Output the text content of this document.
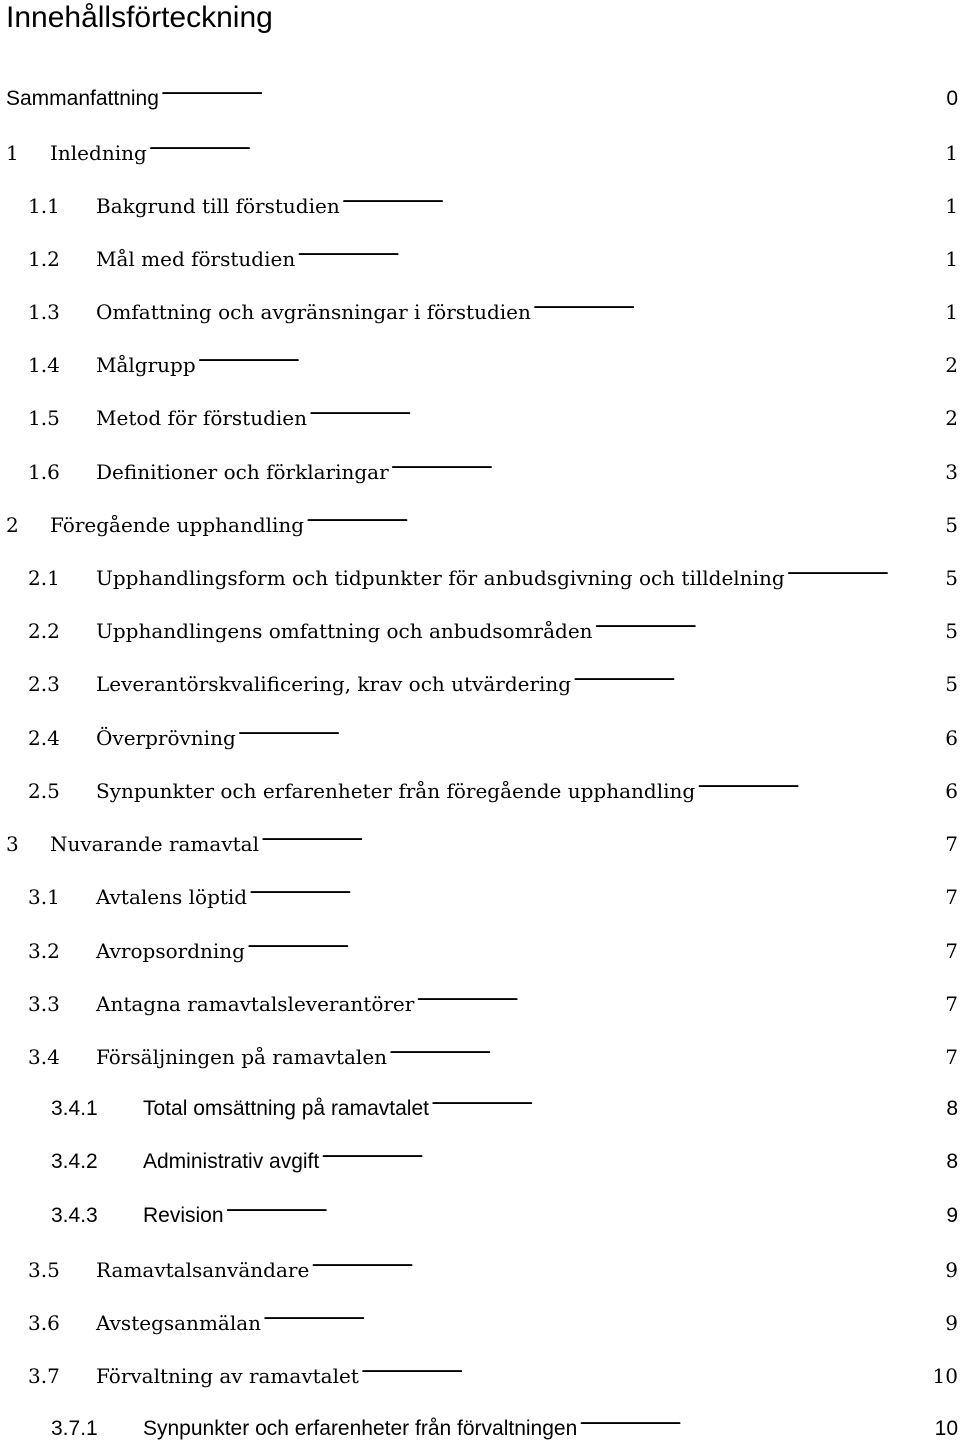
Innehållsförteckning
Sammanfattning . . .	0
1	Inledning . . .	1
1.1	Bakgrund till förstudien . . .	1
1.2	Mål med förstudien . . .	1
1.3	Omfattning och avgränsningar i förstudien . . .	1
1.4	Målgrupp . . .	2
1.5	Metod för förstudien . . .	2
1.6	Definitioner och förklaringar . . .	3
2	Föregående upphandling . . .	5
2.1	Upphandlingsform och tidpunkter för anbudsgivning och tilldelning . . .	5
2.2	Upphandlingens omfattning och anbudsområden . . .	5
2.3	Leverantörskvalificering, krav och utvärdering . . .	5
2.4	Överprövning . . .	6
2.5	Synpunkter och erfarenheter från föregående upphandling . . .	6
3	Nuvarande ramavtal . . .	7
3.1	Avtalens löptid . . .	7
3.2	Avropsordning . . .	7
3.3	Antagna ramavtalsleverantörer . . .	7
3.4	Försäljningen på ramavtalen . . .	7
3.4.1	Total omsättning på ramavtalet . . .	8
3.4.2	Administrativ avgift . . .	8
3.4.3	Revision . . .	9
3.5	Ramavtalsanvändare . . .	9
3.6	Avstegsanmälan . . .	9
3.7	Förvaltning av ramavtalet . . .	10
3.7.1	Synpunkter och erfarenheter från förvaltningen . . .	10
